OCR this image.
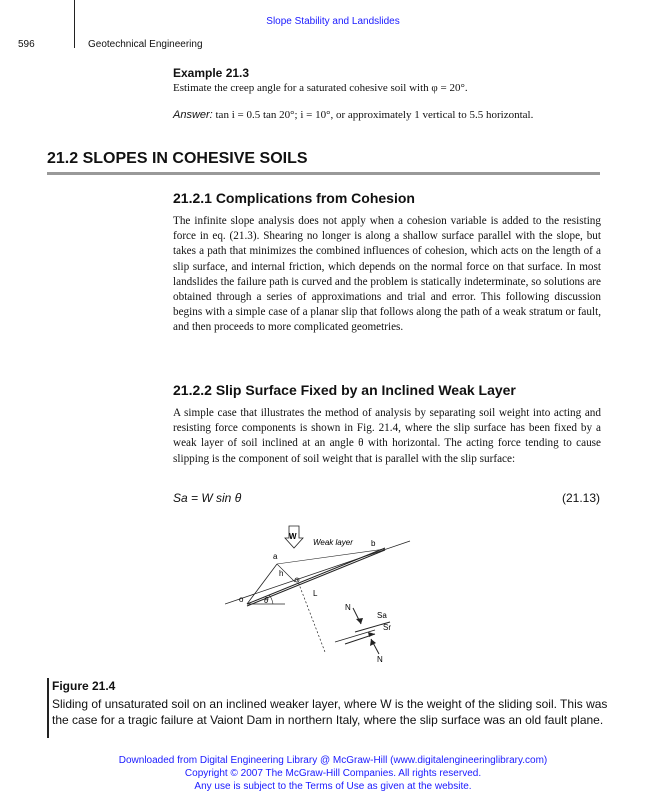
Slope Stability and Landslides
596	Geotechnical Engineering
Example 21.3
Estimate the creep angle for a saturated cohesive soil with φ = 20°.
Answer: tan i = 0.5 tan 20°; i = 10°, or approximately 1 vertical to 5.5 horizontal.
21.2 SLOPES IN COHESIVE SOILS
21.2.1 Complications from Cohesion
The infinite slope analysis does not apply when a cohesion variable is added to the resisting force in eq. (21.3). Shearing no longer is along a shallow surface parallel with the slope, but takes a path that minimizes the combined influences of cohesion, which acts on the length of a slip surface, and internal friction, which depends on the normal force on that surface. In most landslides the failure path is curved and the problem is statically indeterminate, so solutions are obtained through a series of approximations and trial and error. This following discussion begins with a simple case of a planar slip that follows along the path of a weak stratum or fault, and then proceeds to more complicated geometries.
21.2.2 Slip Surface Fixed by an Inclined Weak Layer
A simple case that illustrates the method of analysis by separating soil weight into acting and resisting force components is shown in Fig. 21.4, where the slip surface has been fixed by a weak layer of soil inclined at an angle θ with horizontal. The acting force tending to cause slipping is the component of soil weight that is parallel with the slip surface:
Sa = W sin θ	(21.13)
W
Weak layer
a
b
h
o	θ
L
N
Sa
Sr
N
Figure 21.4
Sliding of unsaturated soil on an inclined weaker layer, where W is the weight of the sliding soil. This was the case for a tragic failure at Vaiont Dam in northern Italy, where the slip surface was an old fault plane.
Downloaded from Digital Engineering Library @ McGraw-Hill (www.digitalengineeringlibrary.com)
Copyright © 2007 The McGraw-Hill Companies. All rights reserved.
Any use is subject to the Terms of Use as given at the website.
